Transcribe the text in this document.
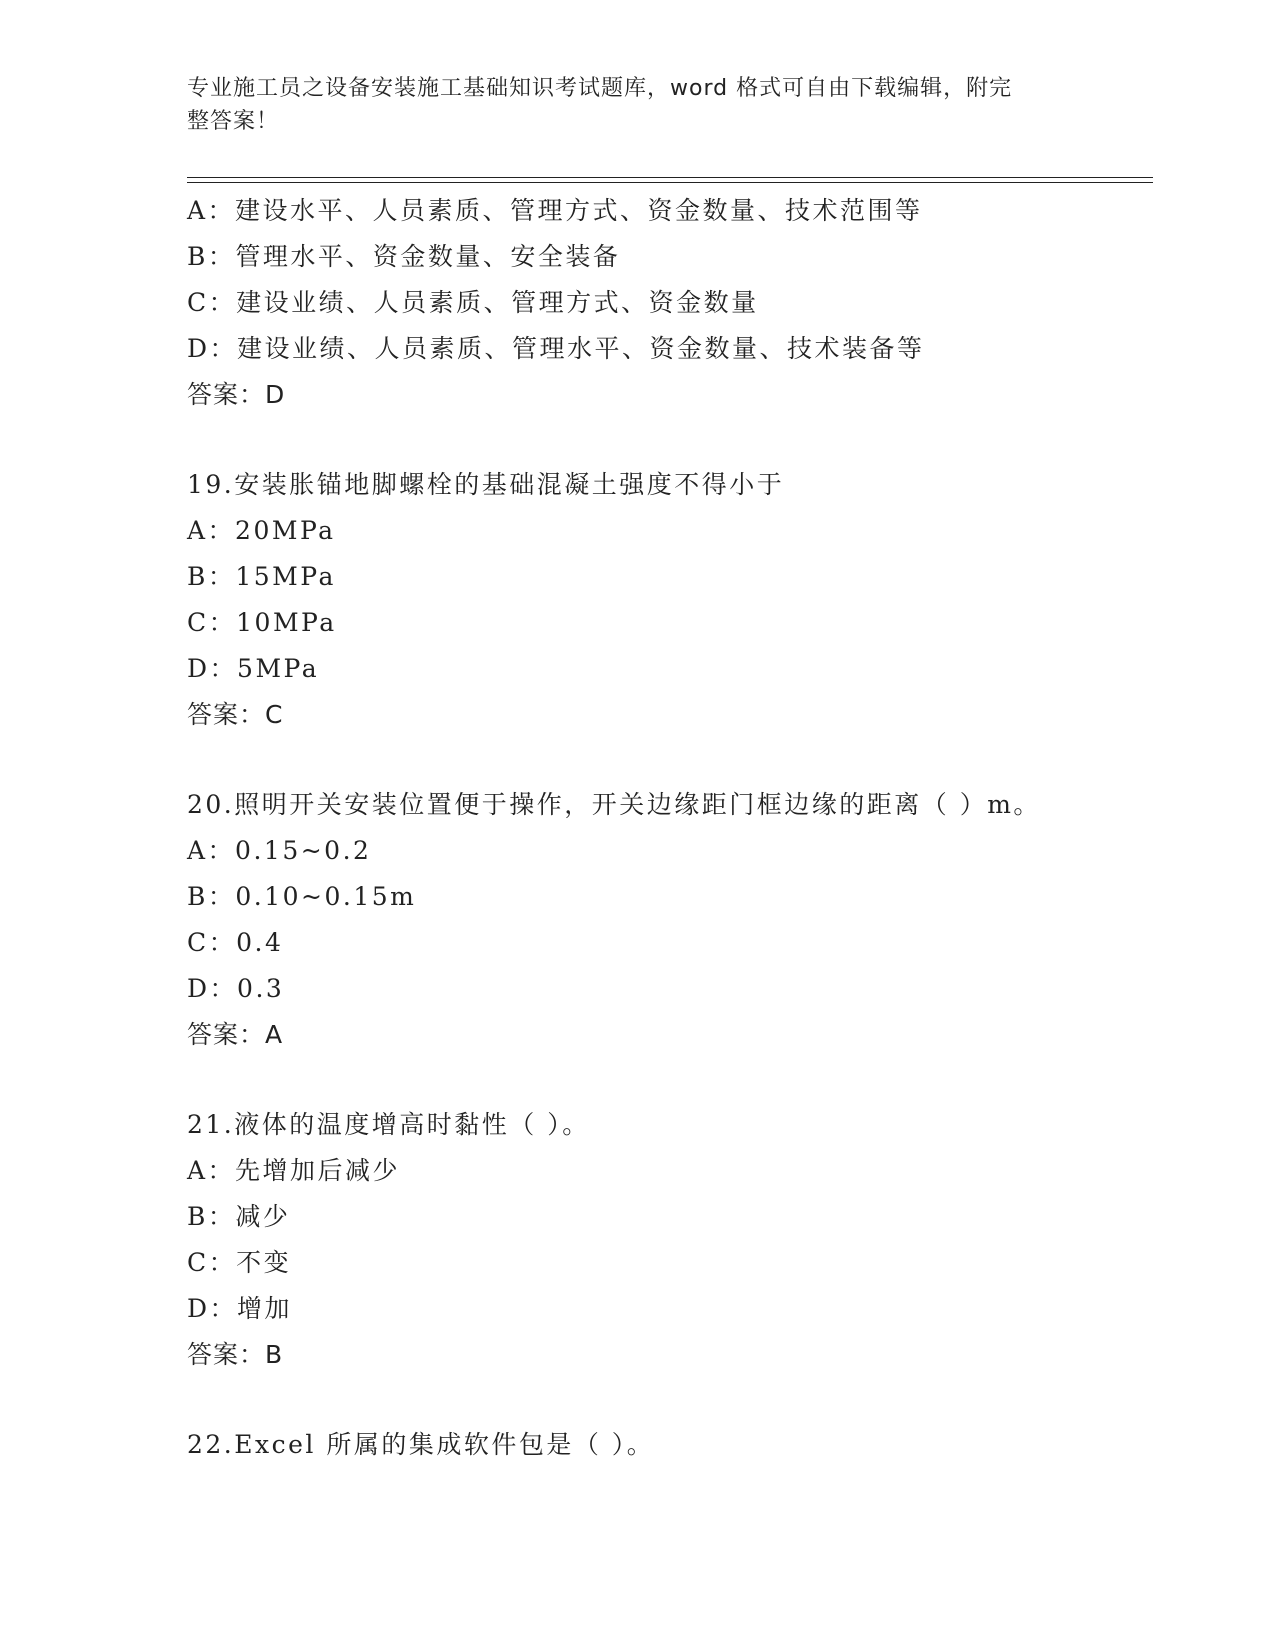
专业施工员之设备安装施工基础知识考试题库，word 格式可自由下载编辑，附完
整答案！
A：建设水平、人员素质、管理方式、资金数量、技术范围等
B：管理水平、资金数量、安全装备
C：建设业绩、人员素质、管理方式、资金数量
D：建设业绩、人员素质、管理水平、资金数量、技术装备等
答案：D
19.安装胀锚地脚螺栓的基础混凝土强度不得小于
A：20MPa
B：15MPa
C：10MPa
D：5MPa
答案：C
20.照明开关安装位置便于操作，开关边缘距门框边缘的距离（ ）m。
A：0.15~0.2
B：0.10~0.15m
C：0.4
D：0.3
答案：A
21.液体的温度增高时黏性（ ）。
A：先增加后减少
B：减少
C：不变
D：增加
答案：B
22.Excel 所属的集成软件包是（ ）。
